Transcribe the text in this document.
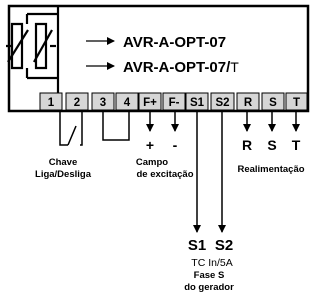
AVR-A-OPT-07
AVR-A-OPT-07/T
1 2 3 4 F+ F- S1 S2 R S T
Chave
Liga/Desliga
+ -
Campo
de excitação
S1 S2
TC In/5A
Fase S
do gerador
R S T
Realimentação
